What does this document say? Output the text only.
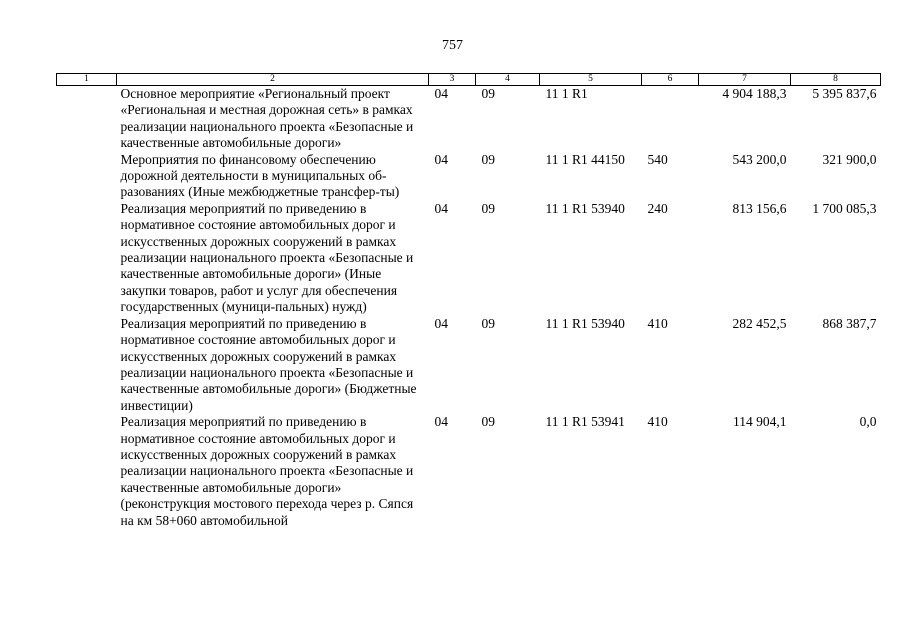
757
1	2	3	4	5	6	7	8
	Основное мероприятие «Региональный проект «Региональная и местная дорожная сеть» в рамках реализации национального проекта «Безопасные и качественные автомобильные дороги»	04	09	11 1 R1		4 904 188,3	5 395 837,6
	Мероприятия по финансовому обеспечению дорожной деятельности в муниципальных об-разованиях (Иные межбюджетные трансфер-ты)	04	09	11 1 R1 44150	540	543 200,0	321 900,0
	Реализация мероприятий по приведению в нормативное состояние автомобильных дорог и искусственных дорожных сооружений в рамках реализации национального проекта «Безопасные и качественные автомобильные дороги» (Иные закупки товаров, работ и услуг для обеспечения государственных (муници-пальных) нужд)	04	09	11 1 R1 53940	240	813 156,6	1 700 085,3
	Реализация мероприятий по приведению в нормативное состояние автомобильных дорог и искусственных дорожных сооружений в рамках реализации национального проекта «Безопасные и качественные автомобильные дороги» (Бюджетные инвестиции)	04	09	11 1 R1 53940	410	282 452,5	868 387,7
	Реализация мероприятий по приведению в нормативное состояние автомобильных дорог и искусственных дорожных сооружений в рамках реализации национального проекта «Безопасные и качественные автомобильные дороги» (реконструкция мостового перехода через р. Сяпся на км 58+060 автомобильной	04	09	11 1 R1 53941	410	114 904,1	0,0
